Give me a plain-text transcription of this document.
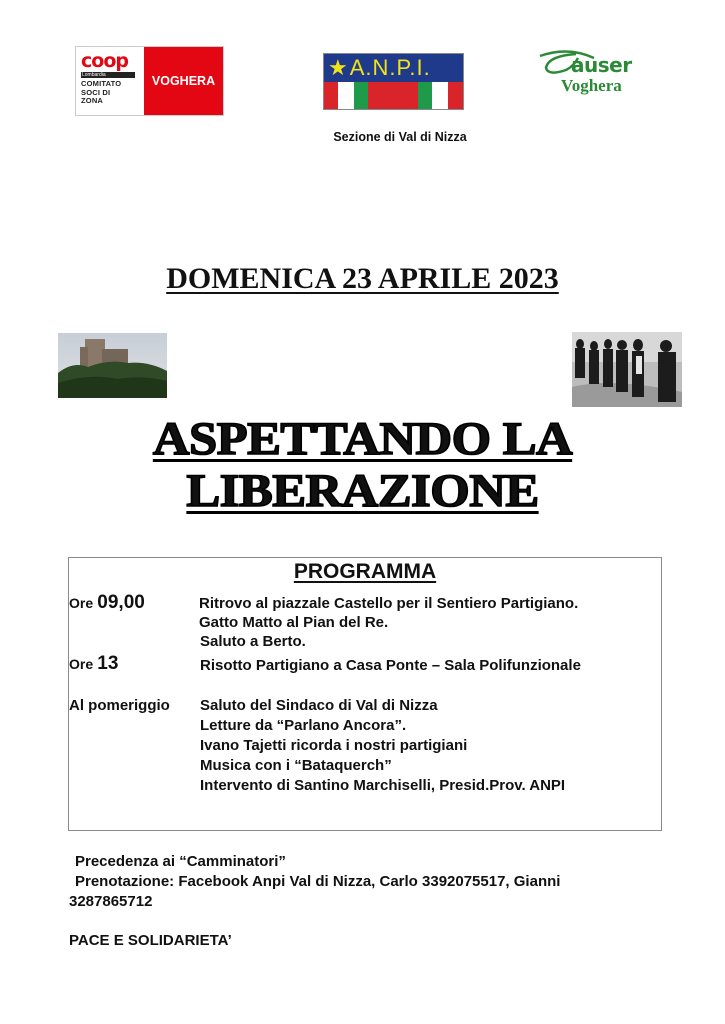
coop
Lombardia
COMITATO
SOCI DI
ZONA
VOGHERA
★ A.N.P.I.
Sezione di Val di Nizza
auser
Voghera
DOMENICA 23 APRILE 2023
ASPETTANDO LA
LIBERAZIONE
PROGRAMMA
Ore 09,00	Ritrovo al piazzale Castello per il Sentiero Partigiano.
Gatto Matto al Pian del Re.
Saluto a Berto.
Ore 13	Risotto Partigiano a Casa Ponte – Sala Polifunzionale
Al pomeriggio Saluto del Sindaco di Val di Nizza
Letture da “Parlano Ancora”.
Ivano Tajetti ricorda i nostri partigiani
Musica con i “Bataquerch”
Intervento di Santino Marchiselli, Presid.Prov. ANPI
Precedenza ai “Camminatori”
Prenotazione: Facebook Anpi Val di Nizza, Carlo 3392075517, Gianni
3287865712
PACE E SOLIDARIETA’
